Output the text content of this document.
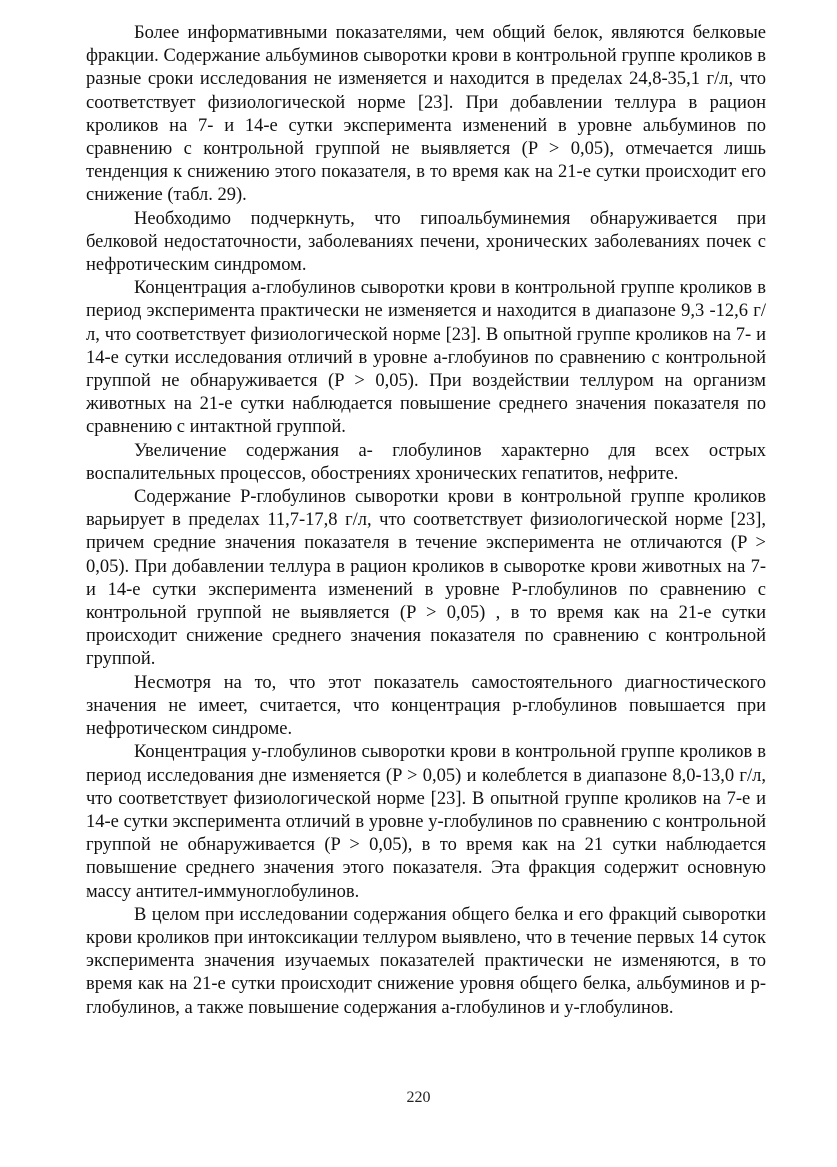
Более информативными показателями, чем общий белок, являются белковые фракции. Содержание альбуминов сыворотки крови в контрольной группе кроликов в разные сроки исследования не изменяется и находится в пределах 24,8-35,1 г/л, что соответствует физиологической норме [23]. При добавлении теллура в рацион кроликов на 7- и 14-е сутки эксперимента изменений в уровне альбуминов по сравнению с контрольной группой не выявляется (P > 0,05), отмечается лишь тенденция к снижению этого показателя, в то время как на 21-е сутки происходит его снижение (табл. 29).

Необходимо подчеркнуть, что гипоальбуминемия обнаруживается при белковой недостаточности, заболеваниях печени, хронических заболеваниях почек с нефротическим синдромом.

Концентрация а-глобулинов сыворотки крови в контрольной группе кроликов в период эксперимента практически не изменяется и находится в диапазоне 9,3 -12,6 г/л, что соответствует физиологической норме [23]. В опытной группе кроликов на 7- и 14-е сутки исследования отличий в уровне а-глобуинов по сравнению с контрольной группой не обнаруживается (P > 0,05). При воздействии теллуром на организм животных на 21-е сутки наблюдается повышение среднего значения показателя по сравнению с интактной группой.

Увеличение содержания а- глобулинов характерно для всех острых воспалительных процессов, обострениях хронических гепатитов, нефрите.

Содержание Р-глобулинов сыворотки крови в контрольной группе кроликов варьирует в пределах 11,7-17,8 г/л, что соответствует физиологической норме [23], причем средние значения показателя в течение эксперимента не отличаются (P > 0,05). При добавлении теллура в рацион кроликов в сыворотке крови животных на 7- и 14-е сутки эксперимента изменений в уровне Р-глобулинов по сравнению с контрольной группой не выявляется (P > 0,05) , в то время как на 21-е сутки происходит снижение среднего значения показателя по сравнению с контрольной группой.

Несмотря на то, что этот показатель самостоятельного диагностического значения не имеет, считается, что концентрация р-глобулинов повышается при нефротическом синдроме.

Концентрация у-глобулинов сыворотки крови в контрольной группе кроликов в период исследования дне изменяется (P > 0,05) и колеблется в диапазоне 8,0-13,0 г/л, что соответствует физиологической норме [23]. В опытной группе кроликов на 7-е и 14-е сутки эксперимента отличий в уровне у-глобулинов по сравнению с контрольной группой не обнаруживается (P > 0,05), в то время как на 21 сутки наблюдается повышение среднего значения этого показателя. Эта фракция содержит основную массу антител-иммуноглобулинов.

В целом при исследовании содержания общего белка и его фракций сыворотки крови кроликов при интоксикации теллуром выявлено, что в течение первых 14 суток эксперимента значения изучаемых показателей практически не изменяются, в то время как на 21-е сутки происходит снижение уровня общего белка, альбуминов и р-глобулинов, а также повышение содержания а-глобулинов и у-глобулинов.

220
